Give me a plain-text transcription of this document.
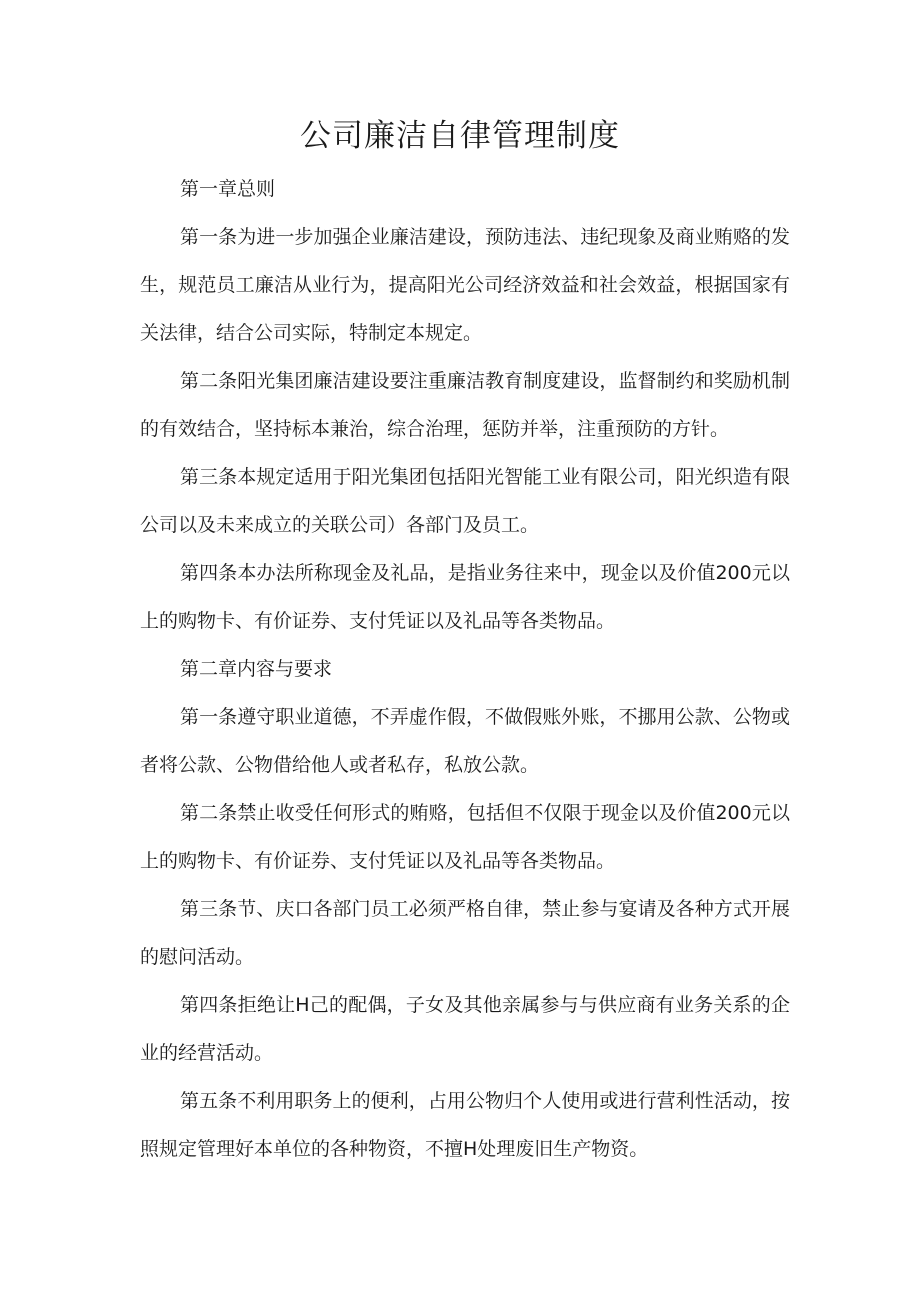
公司廉洁自律管理制度

第一章总则

第一条为进一步加强企业廉洁建设，预防违法、违纪现象及商业贿赂的发生，规范员工廉洁从业行为，提高阳光公司经济效益和社会效益，根据国家有关法律，结合公司实际，特制定本规定。

第二条阳光集团廉洁建设要注重廉洁教育制度建设，监督制约和奖励机制的有效结合，坚持标本兼治，综合治理，惩防并举，注重预防的方针。

第三条本规定适用于阳光集团包括阳光智能工业有限公司，阳光织造有限公司以及未来成立的关联公司）各部门及员工。

第四条本办法所称现金及礼品，是指业务往来中，现金以及价值200元以上的购物卡、有价证券、支付凭证以及礼品等各类物品。

第二章内容与要求

第一条遵守职业道德，不弄虚作假，不做假账外账，不挪用公款、公物或者将公款、公物借给他人或者私存，私放公款。

第二条禁止收受任何形式的贿赂，包括但不仅限于现金以及价值200元以上的购物卡、有价证券、支付凭证以及礼品等各类物品。

第三条节、庆口各部门员工必须严格自律，禁止参与宴请及各种方式开展的慰问活动。

第四条拒绝让H己的配偶，子女及其他亲属参与与供应商有业务关系的企业的经营活动。

第五条不利用职务上的便利，占用公物归个人使用或进行营利性活动，按照规定管理好本单位的各种物资，不擅H处理废旧生产物资。
